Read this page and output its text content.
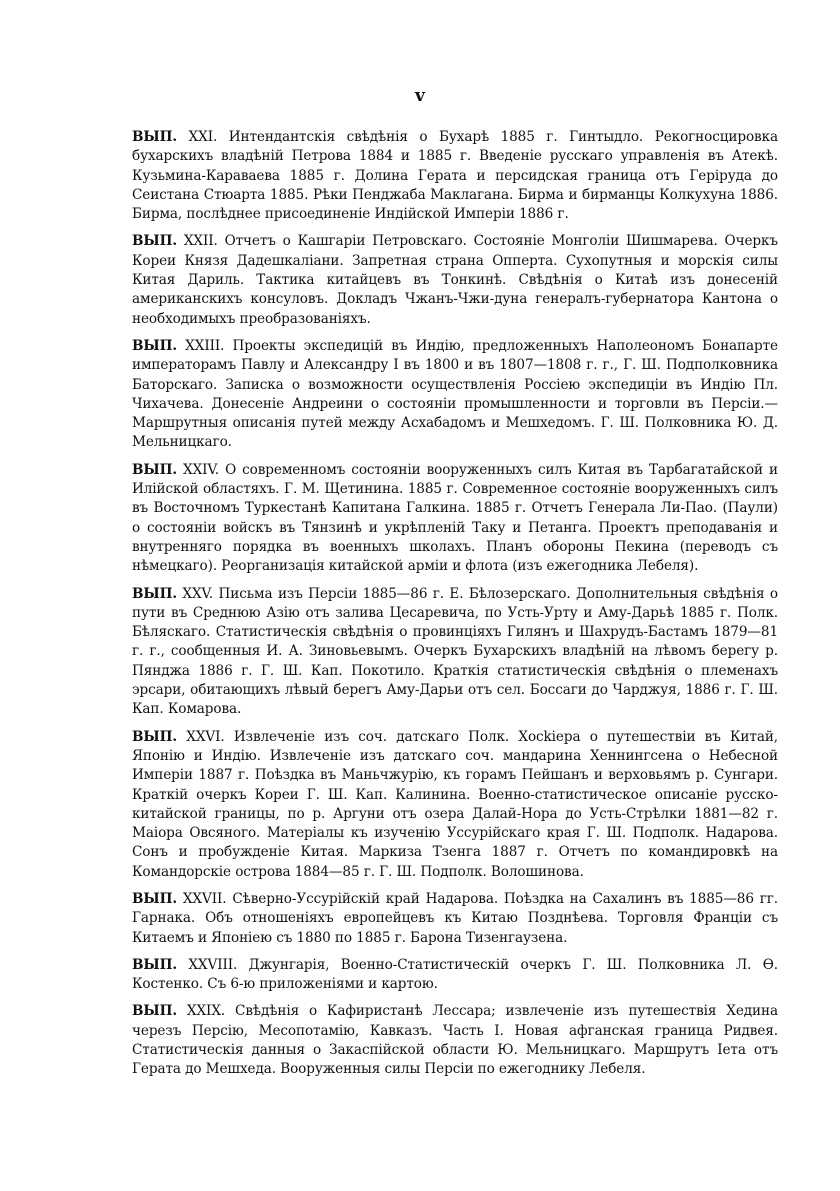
v

ВЫП. XXI. Интендантскія свѣдѣнія о Бухарѣ 1885 г. Гинтыдло. Рекогносцировка бухарскихъ владѣній Петрова 1884 и 1885 г. Введеніе русскаго управленія въ Атекѣ. Кузьмина-Караваева 1885 г. Долина Герата и персидская граница отъ Геріруда до Сеистана Стюарта 1885. Рѣки Пенджаба Маклагана. Бирма и бирманцы Колкухуна 1886. Бирма, послѣднее присоединеніе Индійской Имперіи 1886 г.

ВЫП. XXII. Отчетъ о Кашгаріи Петровскаго. Состояніе Монголіи Шишмарева. Очеркъ Кореи Князя Дадешкаліани. Запретная страна Опперта. Сухопутныя и морскія силы Китая Дариль. Тактика китайцевъ въ Тонкинѣ. Свѣдѣнія о Китаѣ изъ донесеній американскихъ консуловъ. Докладъ Чжанъ-Чжи-дуна генералъ-губернатора Кантона о необходимыхъ преобразованіяхъ.

ВЫП. XXIII. Проекты экспедицій въ Индію, предложенныхъ Наполеономъ Бонапарте императорамъ Павлу и Александру I въ 1800 и въ 1807—1808 г. г., Г. Ш. Подполковника Баторскаго. Записка о возможности осуществленія Россіею экспедиціи въ Индію Пл. Чихачева. Донесеніе Андреини о состояніи промышленности и торговли въ Персіи.—Маршрутныя описанія путей между Асхабадомъ и Мешхедомъ. Г. Ш. Полковника Ю. Д. Мельницкаго.

ВЫП. XXIV. О современномъ состояніи вооруженныхъ силъ Китая въ Тарбагатайской и Илійской областяхъ. Г. М. Щетинина. 1885 г. Современное состояніе вооруженныхъ силъ въ Восточномъ Туркестанѣ Капитана Галкина. 1885 г. Отчетъ Генерала Ли-Пао. (Паули) о состояніи войскъ въ Тянзинѣ и укрѣпленій Таку и Петанга. Проектъ преподаванія и внутренняго порядка въ военныхъ школахъ. Планъ обороны Пекина (переводъ съ нѣмецкаго). Реорганизація китайской арміи и флота (изъ ежегодника Лебеля).

ВЫП. XXV. Письма изъ Персіи 1885—86 г. Е. Бѣлозерскаго. Дополнительныя свѣдѣнія о пути въ Среднюю Азію отъ залива Цесаревича, по Усть-Урту и Аму-Дарьѣ 1885 г. Полк. Бѣляскаго. Статистическія свѣдѣнія о провинціяхъ Гилянъ и Шахрудъ-Бастамъ 1879—81 г. г., сообщенныя И. А. Зиновьевымъ. Очеркъ Бухарскихъ владѣній на лѣвомъ берегу р. Пянджа 1886 г. Г. Ш. Кап. Покотило. Краткія статистическія свѣдѣнія о племенахъ эрсари, обитающихъ лѣвый берегъ Аму-Дарьи отъ сел. Боссаги до Чарджуя, 1886 г. Г. Ш. Кап. Комарова.

ВЫП. XXVI. Извлеченіе изъ соч. датскаго Полк. Хосkiера о путешествіи въ Китай, Японію и Индію. Извлеченіе изъ датскаго соч. мандарина Хеннингсена о Небесной Имперіи 1887 г. Поѣздка въ Маньчжурію, къ горамъ Пейшанъ и верховьямъ р. Сунгари. Краткій очеркъ Кореи Г. Ш. Кап. Калинина. Военно-статистическое описаніе русско-китайской границы, по р. Аргуни отъ озера Далай-Нора до Усть-Стрѣлки 1881—82 г. Маіора Овсяного. Матеріалы къ изученію Уссурійскаго края Г. Ш. Подполк. Надарова. Сонъ и пробужденіе Китая. Маркиза Тзенга 1887 г. Отчетъ по командировкѣ на Командорскіе острова 1884—85 г. Г. Ш. Подполк. Волошинова.

ВЫП. XXVII. Сѣверно-Уссурійскій край Надарова. Поѣздка на Сахалинъ въ 1885—86 гг. Гарнака. Объ отношеніяхъ европейцевъ къ Китаю Позднѣева. Торговля Франціи съ Китаемъ и Японіею съ 1880 по 1885 г. Барона Тизенгаузена.

ВЫП. XXVIII. Джунгарія, Военно-Статистическій очеркъ Г. Ш. Полковника Л. Ѳ. Костенко. Съ 6-ю приложеніями и картою.

ВЫП. XXIX. Свѣдѣнія о Кафиристанѣ Лессара; извлеченіе изъ путешествія Хедина черезъ Персію, Месопотамію, Кавказъ. Часть I. Новая афганская граница Ридвея. Статистическія данныя о Закаспійской области Ю. Мельницкаго. Маршрутъ Іета отъ Герата до Мешхеда. Вооруженныя силы Персіи по ежегоднику Лебеля.
